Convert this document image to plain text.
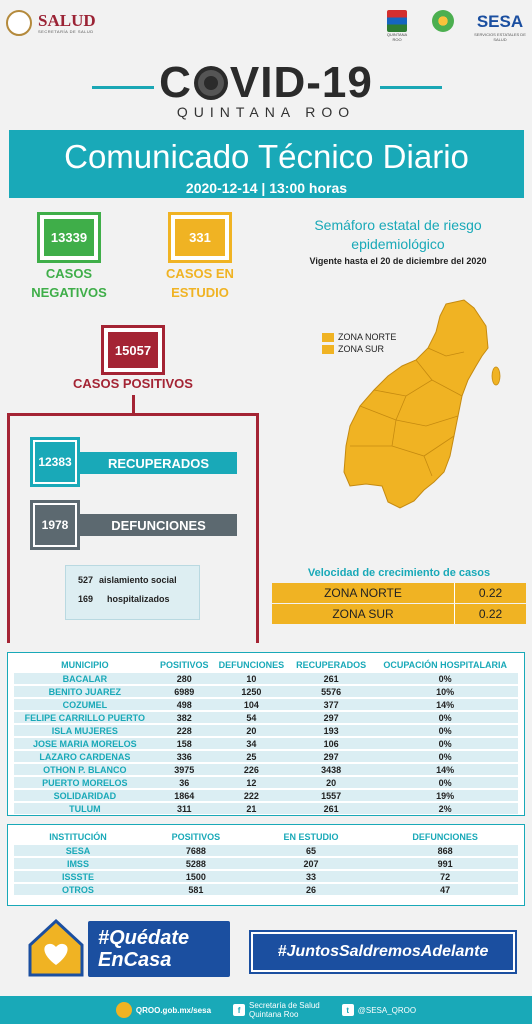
SALUD
SECRETARÍA DE SALUD
QUINTANA ROO
SESA
SERVICIOS ESTATALES DE SALUD
C VID-19
QUINTANA ROO
Comunicado Técnico Diario
2020-12-14 | 13:00 horas
13339
CASOS
NEGATIVOS
331
CASOS EN
ESTUDIO
15057
CASOS POSITIVOS
RECUPERADOS
12383
DEFUNCIONES
1978
527 aislamiento social
169 hospitalizados
Semáforo estatal de riesgo
epidemiológico
Vigente hasta el 20 de diciembre del 2020
ZONA NORTE
ZONA SUR
Velocidad de crecimiento de casos
ZONA NORTE	0.22
ZONA SUR	0.22
MUNICIPIO	POSITIVOS	DEFUNCIONES	RECUPERADOS	OCUPACIÓN HOSPITALARIA
BACALAR	280	10	261	0%
BENITO JUAREZ	6989	1250	5576	10%
COZUMEL	498	104	377	14%
FELIPE CARRILLO PUERTO	382	54	297	0%
ISLA MUJERES	228	20	193	0%
JOSE MARIA MORELOS	158	34	106	0%
LAZARO CARDENAS	336	25	297	0%
OTHON P. BLANCO	3975	226	3438	14%
PUERTO MORELOS	36	12	20	0%
SOLIDARIDAD	1864	222	1557	19%
TULUM	311	21	261	2%
INSTITUCIÓN	POSITIVOS	EN ESTUDIO	DEFUNCIONES
SESA	7688	65	868
IMSS	5288	207	991
ISSSTE	1500	33	72
OTROS	581	26	47
#Quédate
EnCasa	#JuntosSaldremosAdelante
QROO.gob.mx/sesa	f	Secretaría de Salud
Quintana Roo	t	@SESA_QROO
